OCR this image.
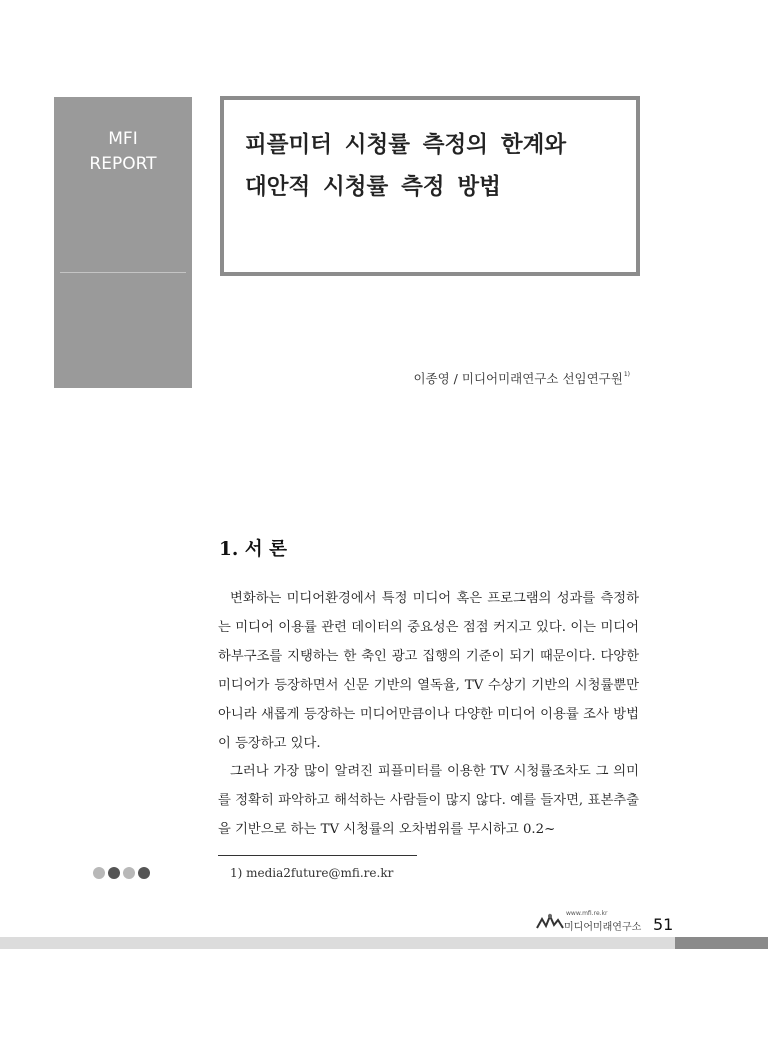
MFI
REPORT
피플미터 시청률 측정의 한계와
대안적 시청률 측정 방법
이종영 / 미디어미래연구소 선임연구원$^{1)}$
1. 서 론

변화하는 미디어환경에서 특정 미디어 혹은 프로그램의 성과를 측정하는 미디어 이용률 관련 데이터의 중요성은 점점 커지고 있다. 이는 미디어 하부구조를 지탱하는 한 축인 광고 집행의 기준이 되기 때문이다. 다양한 미디어가 등장하면서 신문 기반의 열독율, TV 수상기 기반의 시청률뿐만 아니라 새롭게 등장하는 미디어만큼이나 다양한 미디어 이용률 조사 방법이 등장하고 있다.

그러나 가장 많이 알려진 피플미터를 이용한 TV 시청률조차도 그 의미를 정확히 파악하고 해석하는 사람들이 많지 않다. 예를 들자면, 표본추출을 기반으로 하는 TV 시청률의 오차범위를 무시하고 0.2~

1) media2future@mfi.re.kr
www.mfi.re.kr
미디어미래연구소 51
